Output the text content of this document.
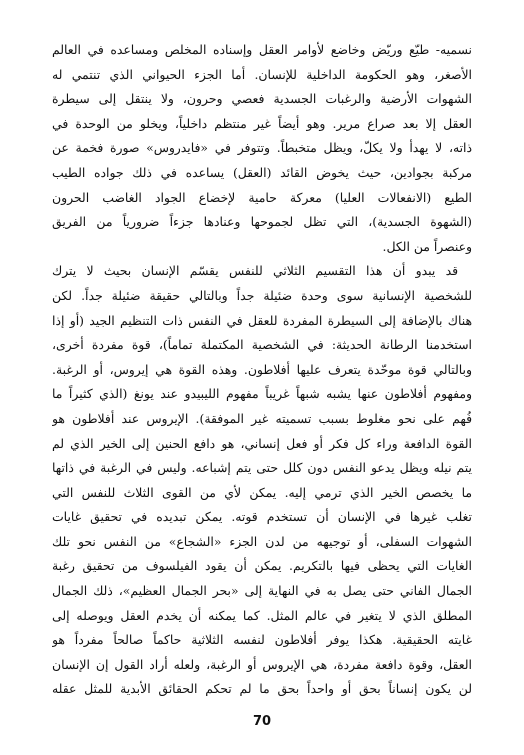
نسميه- طيّع وريّض وخاضع لأوامر العقل وإسناده المخلص ومساعده في العالم
الأصغر، وهو الحكومة الداخلية للإنسان. أما الجزء الحيواني الذي تنتمي له
الشهوات الأرضية والرغبات الجسدية فعصي وحرون، ولا ينتقل إلى سيطرة
العقل إلا بعد صراع مرير. وهو أيضاً غير منتظم داخلياً، ويخلو من الوحدة في
ذاته، لا يهدأ ولا يكلّ، ويظل متخبطاً. وتتوفر في «فايدروس» صورة فخمة عن
مركبة بجوادين، حيث يخوض القائد (العقل) يساعده في ذلك جواده الطيب
الطيع (الانفعالات العليا) معركة حامية لإخضاع الجواد الغاضب الحرون
(الشهوة الجسدية)، التي تظل لجموحها وعنادها جزءاً ضرورياً من الفريق
وعنصراً من الكل.
قد يبدو أن هذا التقسيم الثلاثي للنفس يقسّم الإنسان بحيث لا يترك
للشخصية الإنسانية سوى وحدة ضئيلة جداً وبالتالي حقيقة ضئيلة جداً. لكن
هناك بالإضافة إلى السيطرة المفردة للعقل في النفس ذات التنظيم الجيد (أو إذا
استخدمنا الرطانة الحديثة: في الشخصية المكتملة تماماً)، قوة مفردة أخرى،
وبالتالي قوة موحّدة يتعرف عليها أفلاطون. وهذه القوة هي إيروس، أو الرغبة.
ومفهوم أفلاطون عنها يشبه شبهاً غريباً مفهوم الليبيدو عند يونغ (الذي كثيراً ما
فُهم على نحو مغلوط بسبب تسميته غير الموفقة). الإيروس عند أفلاطون هو
القوة الدافعة وراء كل فكر أو فعل إنساني، هو دافع الحنين إلى الخير الذي لم
يتم نيله ويظل يدعو النفس دون كلل حتى يتم إشباعه. وليس في الرغبة في ذاتها
ما يخصص الخير الذي ترمي إليه. يمكن لأي من القوى الثلاث للنفس التي
تغلب غيرها في الإنسان أن تستخدم قوته. يمكن تبديده في تحقيق غايات
الشهوات السفلى، أو توجيهه من لدن الجزء «الشجاع» من النفس نحو تلك
الغايات التي يحظى فيها بالتكريم. يمكن أن يقود الفيلسوف من تحقيق رغبة
الجمال الفاني حتى يصل به في النهاية إلى «بحر الجمال العظيم»، ذلك الجمال
المطلق الذي لا يتغير في عالم المثل. كما يمكنه أن يخدم العقل ويوصله إلى
غايته الحقيقية. هكذا يوفر أفلاطون لنفسه الثلاثية حاكماً صالحاً مفرداً هو
العقل، وقوة دافعة مفردة، هي الإيروس أو الرغبة، ولعله أراد القول إن الإنسان
لن يكون إنساناً بحق أو واحداً بحق ما لم تحكم الحقائق الأبدية للمثل عقله
70
